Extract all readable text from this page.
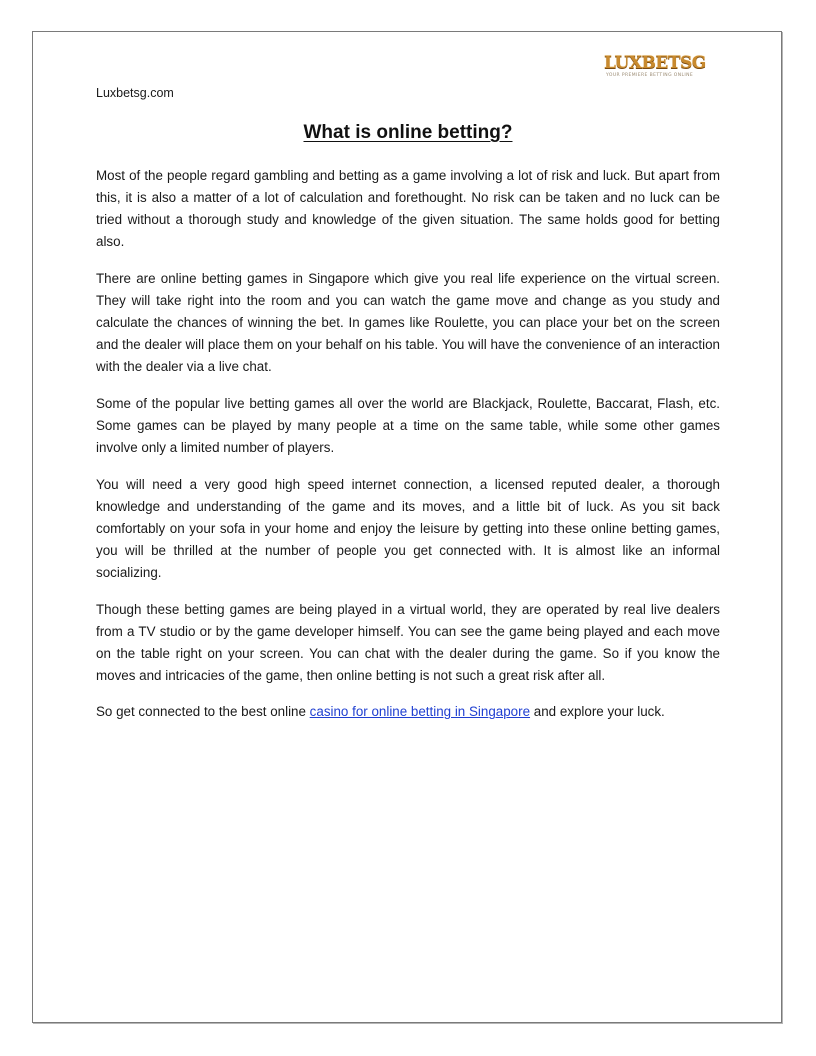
Luxbetsg.com
LUXBETSG
YOUR PREMIERE BETTING ONLINE
What is online betting?

Most of the people regard gambling and betting as a game involving a lot of risk and luck. But apart from this, it is also a matter of a lot of calculation and forethought. No risk can be taken and no luck can be tried without a thorough study and knowledge of the given situation. The same holds good for betting also.

There are online betting games in Singapore which give you real life experience on the virtual screen. They will take right into the room and you can watch the game move and change as you study and calculate the chances of winning the bet. In games like Roulette, you can place your bet on the screen and the dealer will place them on your behalf on his table. You will have the convenience of an interaction with the dealer via a live chat.

Some of the popular live betting games all over the world are Blackjack, Roulette, Baccarat, Flash, etc. Some games can be played by many people at a time on the same table, while some other games involve only a limited number of players.

You will need a very good high speed internet connection, a licensed reputed dealer, a thorough knowledge and understanding of the game and its moves, and a little bit of luck. As you sit back comfortably on your sofa in your home and enjoy the leisure by getting into these online betting games, you will be thrilled at the number of people you get connected with. It is almost like an informal socializing.

Though these betting games are being played in a virtual world, they are operated by real live dealers from a TV studio or by the game developer himself. You can see the game being played and each move on the table right on your screen. You can chat with the dealer during the game. So if you know the moves and intricacies of the game, then online betting is not such a great risk after all.

So get connected to the best online casino for online betting in Singapore and explore your luck.
